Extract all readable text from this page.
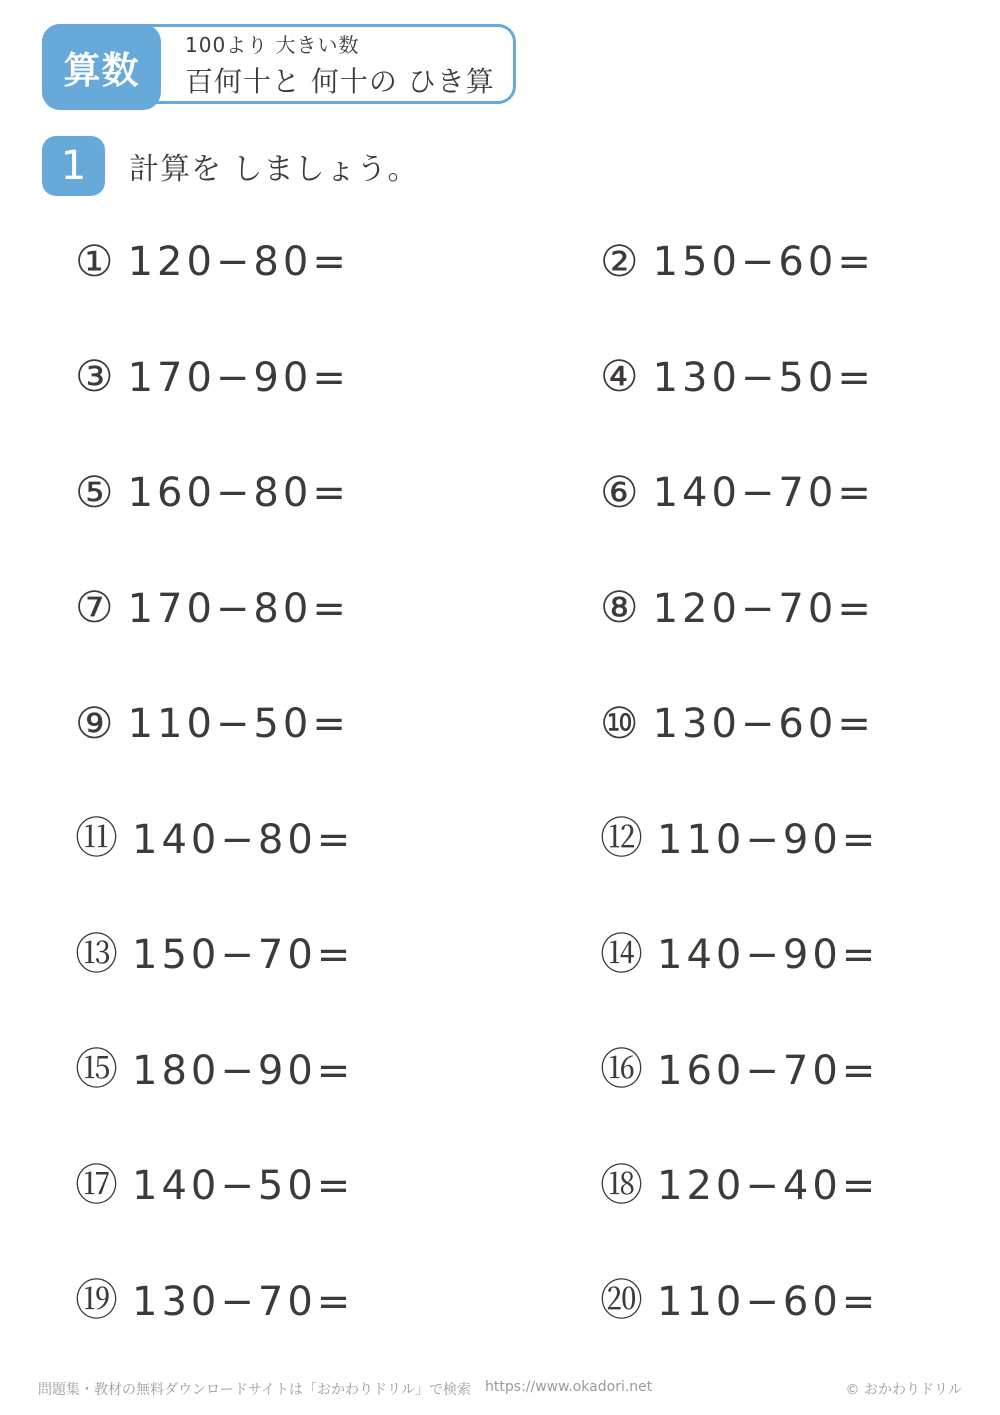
算数
100より 大きい数
百何十と 何十の ひき算
1	計算を しましょう。
① 120−80=	② 150−60=
③ 170−90=	④ 130−50=
⑤ 160−80=	⑥ 140−70=
⑦ 170−80=	⑧ 120−70=
⑨ 110−50=	⑩ 130−60=
⑪ 140−80=	⑫ 110−90=
⑬ 150−70=	⑭ 140−90=
⑮ 180−90=	⑯ 160−70=
⑰ 140−50=	⑱ 120−40=
⑲ 130−70=	⑳ 110−60=
問題集・教材の無料ダウンロードサイトは「おかわりドリル」で検索 https://www.okadori.net	© おかわりドリル
